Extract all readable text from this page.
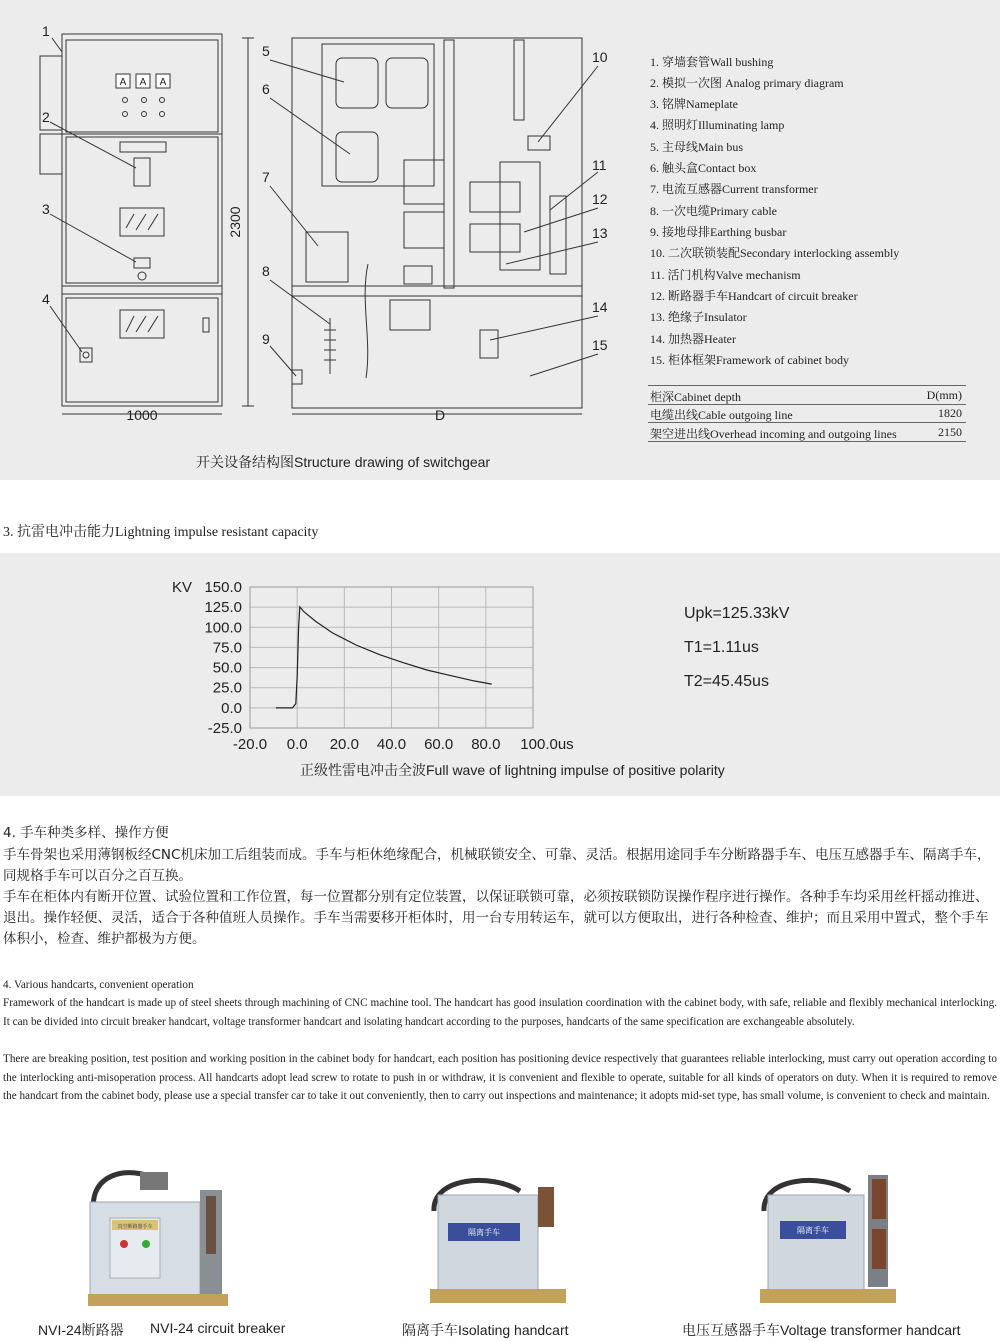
A A A
1
2
3
4
5
6
7
8
9
10
11
12
13
14
15
1000	D
2300
1. 穿墙套管Wall bushing
2. 模拟一次图 Analog primary diagram
3. 铭牌Nameplate
4. 照明灯Illuminating lamp
5. 主母线Main bus
6. 触头盒Contact box
7. 电流互感器Current transformer
8. 一次电缆Primary cable
9. 接地母排Earthing busbar
10. 二次联锁装配Secondary interlocking assembly
11. 活门机构Valve mechanism
12. 断路器手车Handcart of circuit breaker
13. 绝缘子Insulator
14. 加热器Heater
15. 柜体框架Framework of cabinet body
柜深Cabinet depth	D(mm)
电缆出线Cable outgoing line	1820
架空进出线Overhead incoming and outgoing lines	2150
开关设备结构图Structure drawing of switchgear
3. 抗雷电冲击能力Lightning impulse resistant capacity
150.0
125.0
100.0
75.0
50.0
25.0
0.0
-25.0
-20.0 0.0 20.0 40.0 60.0 80.0 100.0us
KV
Upk=125.33kV
T1=1.11us
T2=45.45us
正级性雷电冲击全波Full wave of lightning impulse of positive polarity
4. 手车种类多样、操作方便
手车骨架也采用薄钢板经CNC机床加工后组装而成。手车与柜休绝缘配合，机械联锁安全、可靠、灵活。根据用途同手车分断路器手车、电压互感器手车、隔离手车，同规格手车可以百分之百互换。
手车在柜体内有断开位置、试验位置和工作位置，每一位置都分别有定位装置，以保证联锁可靠，必须按联锁防误操作程序进行操作。各种手车均采用丝杆摇动推进、退出。操作轻便、灵活，适合于各种值班人员操作。手车当需要移开柜体时，用一台专用转运车，就可以方便取出，进行各种检查、维护；而且采用中置式，整个手车体积小，检查、维护都极为方便。
4. Various handcarts, convenient operation
Framework of the handcart is made up of steel sheets through machining of CNC machine tool. The handcart has good insulation coordination with the cabinet body, with safe, reliable and flexibly mechanical interlocking. It can be divided into circuit breaker handcart, voltage transformer handcart and isolating handcart according to the purposes, handcarts of the same specification are exchangeable absolutely.
There are breaking position, test position and working position in the cabinet body for handcart, each position has positioning device respectively that guarantees reliable interlocking, must carry out operation according to the interlocking anti-misoperation process. All handcarts adopt lead screw to rotate to push in or withdraw, it is convenient and flexible to operate, suitable for all kinds of operators on duty. When it is required to remove the handcart from the cabinet body, please use a special transfer car to take it out conveniently, then to carry out inspections and maintenance; it adopts mid-set type, has small volume, is convenient to check and maintain.
真空断路器手车
隔离手车	隔离手车
NVI-24断路器 NVI-24 circuit breaker	隔离手车Isolating handcart	电压互感器手车Voltage transformer handcart
